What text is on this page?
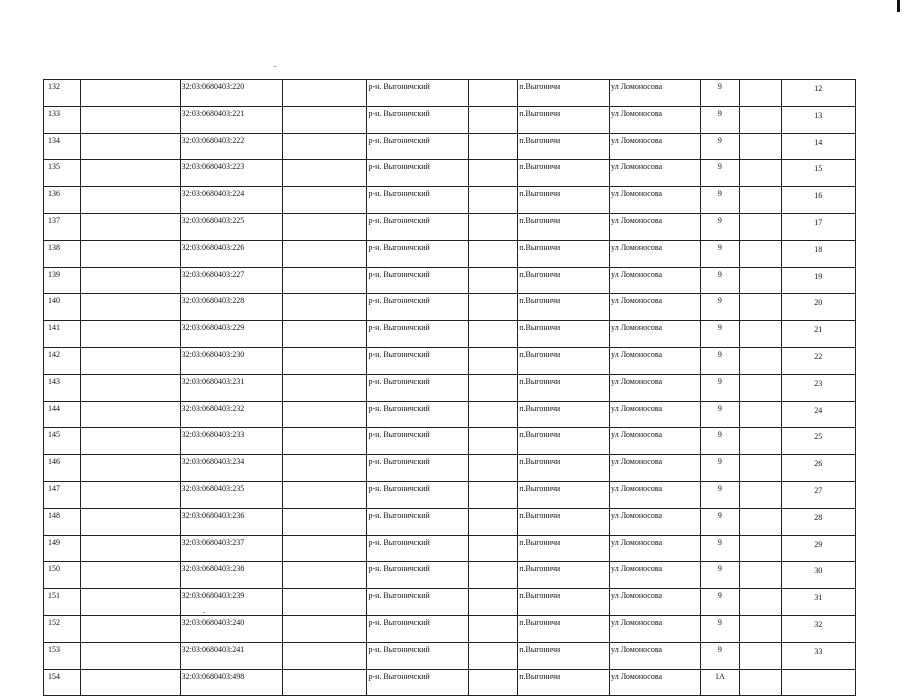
132		32:03:0680403:220		р-н. Выгоничский		п.Выгоничи	ул Ломоносова	9		12
133		32:03:0680403:221		р-н. Выгоничский		п.Выгоничи	ул Ломоносова	9		13
134		32:03:0680403:222		р-н. Выгоничский		п.Выгоничи	ул Ломоносова	9		14
135		32:03:0680403:223		р-н. Выгоничский		п.Выгоничи	ул Ломоносова	9		15
136		32:03:0680403:224		р-н. Выгоничский		п.Выгоничи	ул Ломоносова	9		16
137		32:03:0680403:225		р-н. Выгоничский		п.Выгоничи	ул Ломоносова	9		17
138		32:03:0680403:226		р-н. Выгоничский		п.Выгоничи	ул Ломоносова	9		18
139		32:03:0680403:227		р-н. Выгоничский		п.Выгоничи	ул Ломоносова	9		19
140		32:03:0680403:228		р-н. Выгоничский		п.Выгоничи	ул Ломоносова	9		20
141		32:03:0680403:229		р-н. Выгоничский		п.Выгоничи	ул Ломоносова	9		21
142		32:03:0680403:230		р-н. Выгоничский		п.Выгоничи	ул Ломоносова	9		22
143		32:03:0680403:231		р-н. Выгоничский		п.Выгоничи	ул Ломоносова	9		23
144		32:03:0680403:232		р-н. Выгоничский		п.Выгоничи	ул Ломоносова	9		24
145		32:03:0680403:233		р-н. Выгоничский		п.Выгоничи	ул Ломоносова	9		25
146		32:03:0680403:234		р-н. Выгоничский		п.Выгоничи	ул Ломоносова	9		26
147		32:03:0680403:235		р-н. Выгоничский		п.Выгоничи	ул Ломоносова	9		27
148		32:03:0680403:236		р-н. Выгоничский		п.Выгоничи	ул Ломоносова	9		28
149		32:03:0680403:237		р-н. Выгоничский		п.Выгоничи	ул Ломоносова	9		29
150		32:03:0680403:238		р-н. Выгоничский		п.Выгоничи	ул Ломоносова	9		30
151		32:03:0680403:239		р-н. Выгоничский		п.Выгоничи	ул Ломоносова	9		31
152		32:03:0680403:240		р-н. Выгоничский		п.Выгоничи	ул Ломоносова	9		32
153		32:03:0680403:241		р-н. Выгоничский		п.Выгоничи	ул Ломоносова	9		33
154		32:03:0680403:498		р-н. Выгоничский		п.Выгоничи	ул Ломоносова	1А		
